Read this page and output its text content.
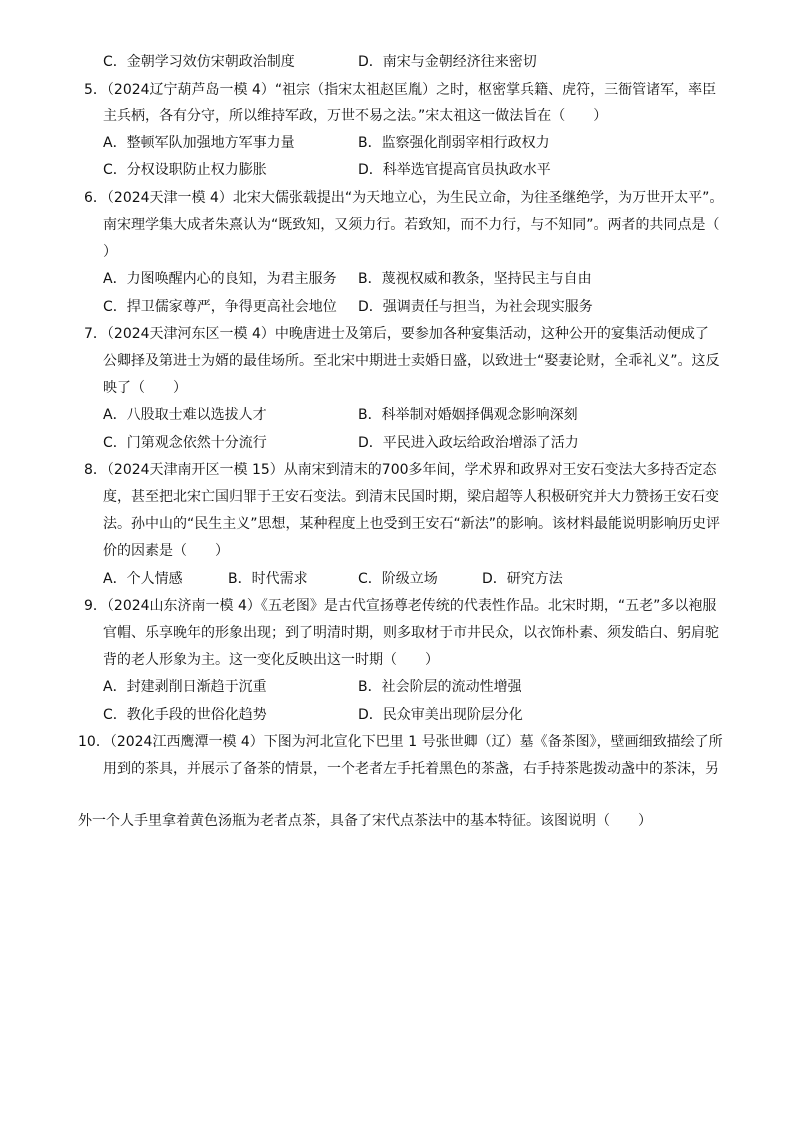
C．金朝学习效仿宋朝政治制度	D．南宋与金朝经济往来密切
5．（2024辽宁葫芦岛一模 4）“祖宗（指宋太祖赵匡胤）之时，枢密掌兵籍、虎符，三衙管诸军，率臣
主兵柄，各有分守，所以维持军政，万世不易之法。”宋太祖这一做法旨在（　　）
A．整顿军队加强地方军事力量	B．监察强化削弱宰相行政权力
C．分权设职防止权力膨胀	D．科举选官提高官员执政水平
6．（2024天津一模 4）北宋大儒张载提出“为天地立心，为生民立命，为往圣继绝学，为万世开太平”。
南宋理学集大成者朱熹认为“既致知，又须力行。若致知，而不力行，与不知同”。两者的共同点是（
）
A．力图唤醒内心的良知，为君主服务 B．蔑视权威和教条，坚持民主与自由
C．捍卫儒家尊严，争得更高社会地位 D．强调责任与担当，为社会现实服务
7．（2024天津河东区一模 4）中晚唐进士及第后，要参加各种宴集活动，这种公开的宴集活动便成了
公卿择及第进士为婿的最佳场所。至北宋中期进士卖婚日盛，以致进士“娶妻论财，全乖礼义”。这反
映了（　　）
A．八股取士难以选拔人才	B．科举制对婚姻择偶观念影响深刻
C．门第观念依然十分流行	D．平民进入政坛给政治增添了活力
8．（2024天津南开区一模 15）从南宋到清末的700多年间，学术界和政界对王安石变法大多持否定态
度，甚至把北宋亡国归罪于王安石变法。到清末民国时期，梁启超等人积极研究并大力赞扬王安石变
法。孙中山的“民生主义”思想，某种程度上也受到王安石“新法”的影响。该材料最能说明影响历史评
价的因素是（　　）
A．个人情感	B．时代需求	C．阶级立场	D．研究方法
9．（2024山东济南一模 4）《五老图》是古代宣扬尊老传统的代表性作品。北宋时期，“五老”多以袍服
官帽、乐享晚年的形象出现；到了明清时期，则多取材于市井民众，以衣饰朴素、须发皓白、躬肩驼
背的老人形象为主。这一变化反映出这一时期（　　）
A．封建剥削日渐趋于沉重	B．社会阶层的流动性增强
C．教化手段的世俗化趋势	D．民众审美出现阶层分化
10．（2024江西鹰潭一模 4）下图为河北宣化下巴里 1 号张世卿（辽）墓《备茶图》，壁画细致描绘了所
用到的茶具，并展示了备茶的情景，一个老者左手托着黑色的茶盏，右手持茶匙拨动盏中的茶沫，另
外一个人手里拿着黄色汤瓶为老者点茶，具备了宋代点茶法中的基本特征。该图说明（　　）
